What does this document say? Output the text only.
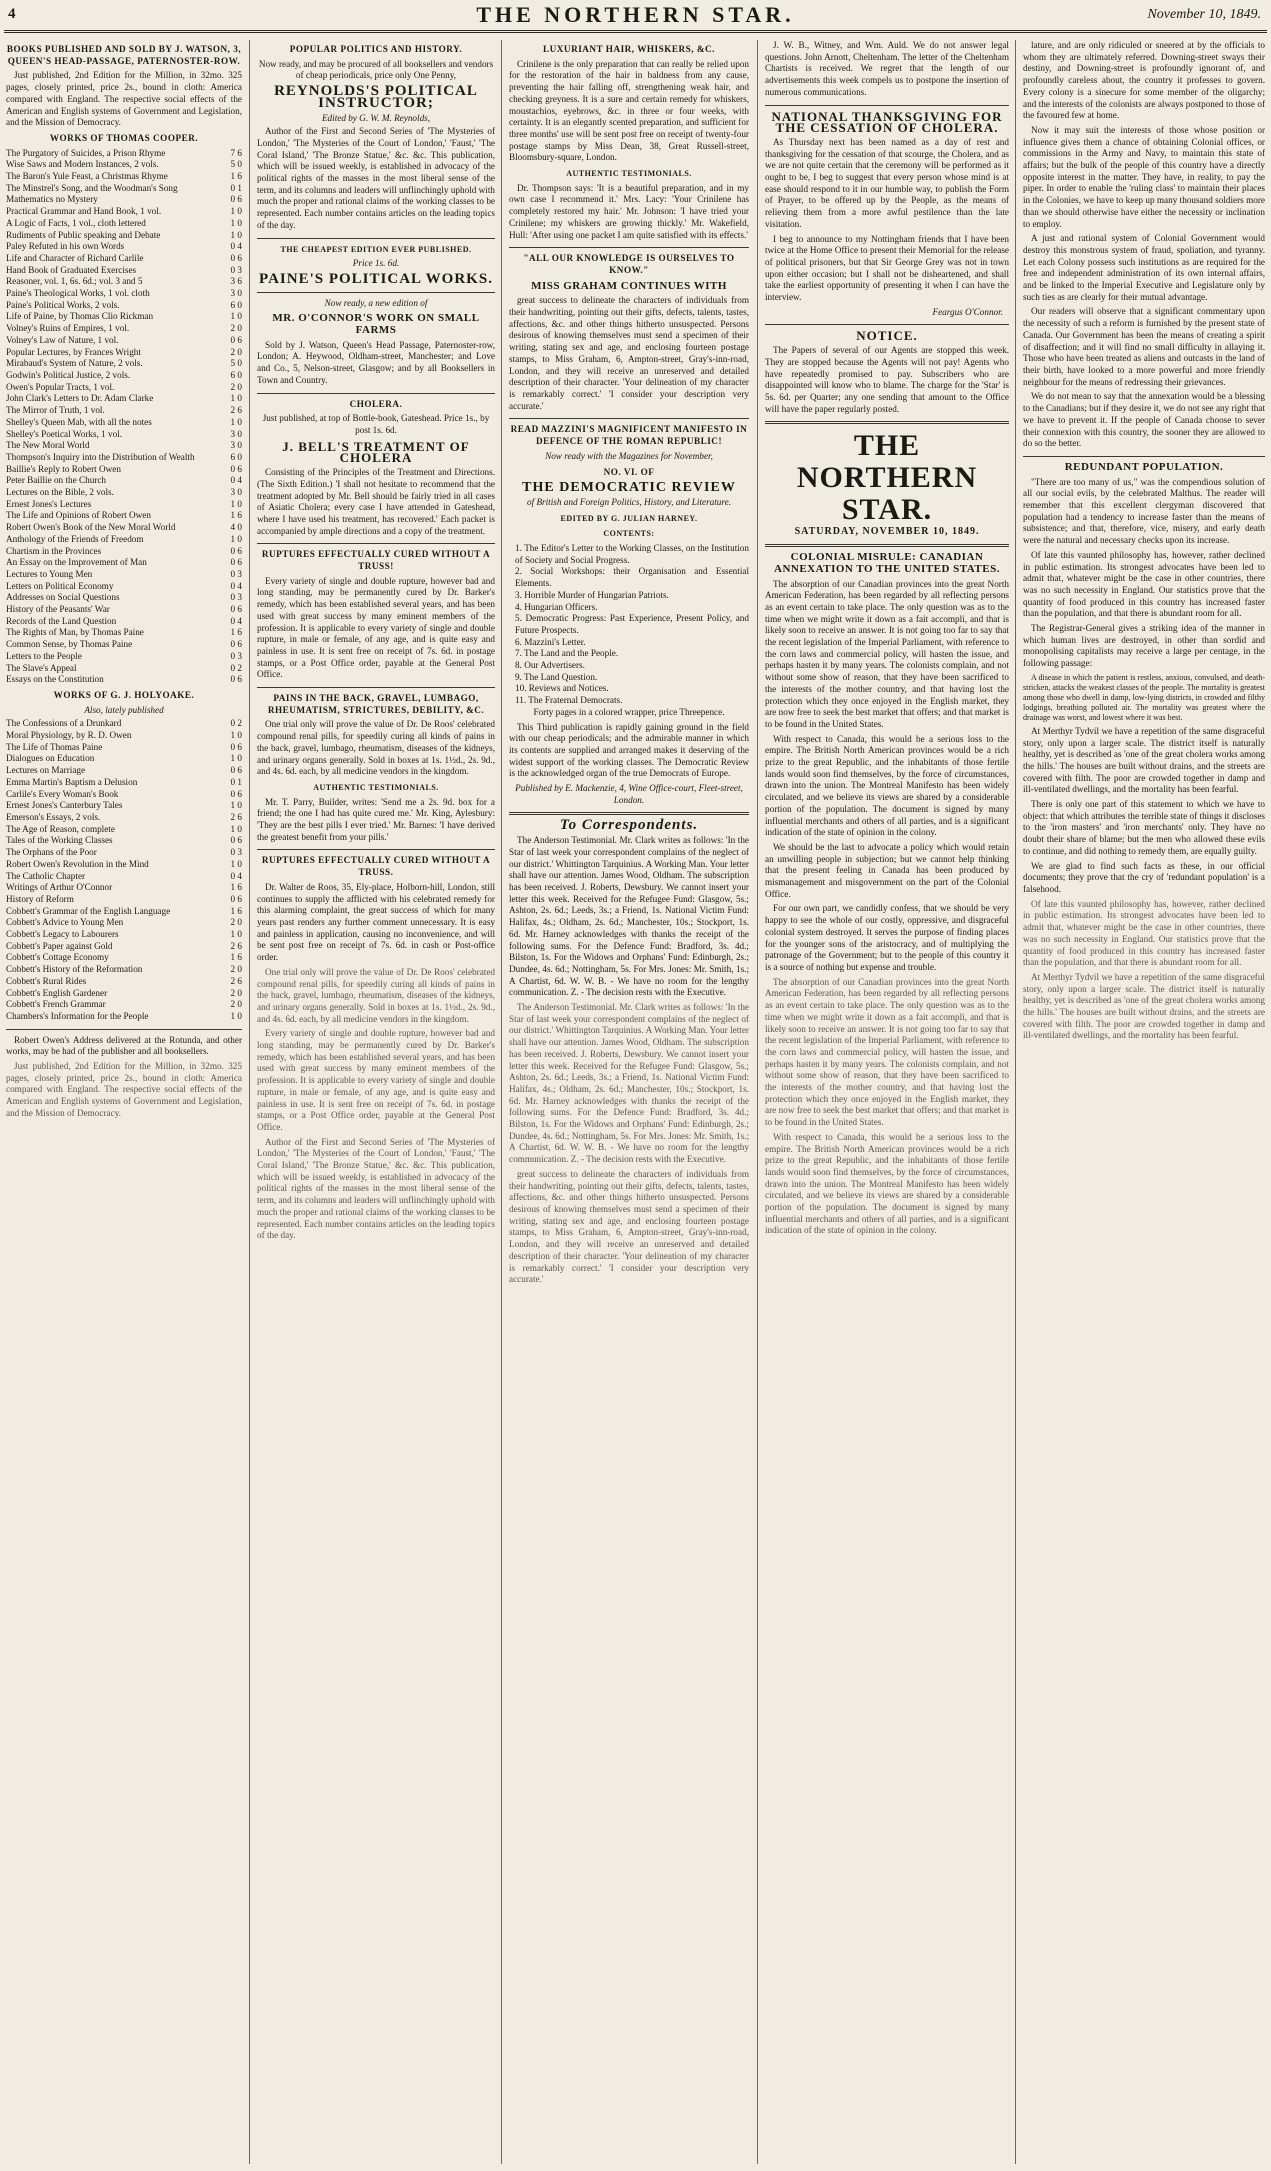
4	THE NORTHERN STAR.	November 10, 1849.
BOOKS PUBLISHED AND SOLD BY J. WATSON, 3, QUEEN'S HEAD-PASSAGE, PATERNOSTER-ROW.

Just published, 2nd Edition for the Million, in 32mo. 325 pages, closely printed, price 2s., bound in cloth: America compared with England. The respective social effects of the American and English systems of Government and Legislation, and the Mission of Democracy.

WORKS OF THOMAS COOPER.
The Purgatory of Suicides, a Prison Rhyme	7 6
Wise Saws and Modern Instances, 2 vols.	5 0
The Baron's Yule Feast, a Christmas Rhyme	1 6
The Minstrel's Song, and the Woodman's Song	0 1
Mathematics no Mystery	0 6
Practical Grammar and Hand Book, 1 vol.	1 0
A Logic of Facts, 1 vol., cloth lettered	1 0
Rudiments of Public speaking and Debate	1 0
Paley Refuted in his own Words	0 4
Life and Character of Richard Carlile	0 6
Hand Book of Graduated Exercises	0 3
Reasoner, vol. 1, 6s. 6d.; vol. 3 and 5	3 6
Paine's Theological Works, 1 vol. cloth	3 0
Paine's Political Works, 2 vols.	6 0
Life of Paine, by Thomas Clio Rickman	1 0
Volney's Ruins of Empires, 1 vol.	2 0
Volney's Law of Nature, 1 vol.	0 6
Popular Lectures, by Frances Wright	2 0
Mirabaud's System of Nature, 2 vols.	5 0
Godwin's Political Justice, 2 vols.	6 0
Owen's Popular Tracts, 1 vol.	2 0
John Clark's Letters to Dr. Adam Clarke	1 0
The Mirror of Truth, 1 vol.	2 6
Shelley's Queen Mab, with all the notes	1 0
Shelley's Poetical Works, 1 vol.	3 0
The New Moral World	3 0
Thompson's Inquiry into the Distribution of Wealth	6 0
Baillie's Reply to Robert Owen	0 6
Peter Baillie on the Church	0 4
Lectures on the Bible, 2 vols.	3 0
Ernest Jones's Lectures	1 0
The Life and Opinions of Robert Owen	1 6
Robert Owen's Book of the New Moral World	4 0
Anthology of the Friends of Freedom	1 0
Chartism in the Provinces	0 6
An Essay on the Improvement of Man	0 6
Lectures to Young Men	0 3
Letters on Political Economy	0 4
Addresses on Social Questions	0 3
History of the Peasants' War	0 6
Records of the Land Question	0 4
The Rights of Man, by Thomas Paine	1 6
Common Sense, by Thomas Paine	0 6
Letters to the People	0 3
The Slave's Appeal	0 2
Essays on the Constitution	0 6
WORKS OF G. J. HOLYOAKE.
Also, lately published
The Confessions of a Drunkard	0 2
Moral Physiology, by R. D. Owen	1 0
The Life of Thomas Paine	0 6
Dialogues on Education	1 0
Lectures on Marriage	0 6
Emma Martin's Baptism a Delusion	0 1
Carlile's Every Woman's Book	0 6
Ernest Jones's Canterbury Tales	1 0
Emerson's Essays, 2 vols.	2 6
The Age of Reason, complete	1 0
Tales of the Working Classes	0 6
The Orphans of the Poor	0 3
Robert Owen's Revolution in the Mind	1 0
The Catholic Chapter	0 4
Writings of Arthur O'Connor	1 6
History of Reform	0 6
Cobbett's Grammar of the English Language	1 6
Cobbett's Advice to Young Men	2 0
Cobbett's Legacy to Labourers	1 0
Cobbett's Paper against Gold	2 6
Cobbett's Cottage Economy	1 6
Cobbett's History of the Reformation	2 0
Cobbett's Rural Rides	2 6
Cobbett's English Gardener	2 0
Cobbett's French Grammar	2 0
Chambers's Information for the People	1 0

Robert Owen's Address delivered at the Rotunda, and other works, may be had of the publisher and all booksellers.

Just published, 2nd Edition for the Million, in 32mo. 325 pages, closely printed, price 2s., bound in cloth: America compared with England. The respective social effects of the American and English systems of Government and Legislation, and the Mission of Democracy.

POPULAR POLITICS AND HISTORY.

Now ready, and may be procured of all booksellers and vendors of cheap periodicals, price only One Penny,

REYNOLDS'S POLITICAL INSTRUCTOR;
Edited by G. W. M. Reynolds,

Author of the First and Second Series of 'The Mysteries of London,' 'The Mysteries of the Court of London,' 'Faust,' 'The Coral Island,' 'The Bronze Statue,' &c. &c. This publication, which will be issued weekly, is established in advocacy of the political rights of the masses in the most liberal sense of the term, and its columns and leaders will unflinchingly uphold with much the proper and rational claims of the working classes to be represented. Each number contains articles on the leading topics of the day.

THE CHEAPEST EDITION EVER PUBLISHED.
Price 1s. 6d.
PAINE'S POLITICAL WORKS.
Now ready, a new edition of
MR. O'CONNOR'S WORK ON SMALL FARMS

Sold by J. Watson, Queen's Head Passage, Paternoster-row, London; A. Heywood, Oldham-street, Manchester; and Love and Co., 5, Nelson-street, Glasgow; and by all Booksellers in Town and Country.

CHOLERA.

Just published, at top of Bottle-book, Gateshead. Price 1s., by post 1s. 6d.

J. BELL'S TREATMENT OF CHOLERA

Consisting of the Principles of the Treatment and Directions. (The Sixth Edition.) 'I shall not hesitate to recommend that the treatment adopted by Mr. Bell should be fairly tried in all cases of Asiatic Cholera; every case I have attended in Gateshead, where I have used his treatment, has recovered.' Each packet is accompanied by ample directions and a copy of the treatment.

RUPTURES EFFECTUALLY CURED WITHOUT A TRUSS!

Every variety of single and double rupture, however bad and long standing, may be permanently cured by Dr. Barker's remedy, which has been established several years, and has been used with great success by many eminent members of the profession. It is applicable to every variety of single and double rupture, in male or female, of any age, and is quite easy and painless in use. It is sent free on receipt of 7s. 6d. in postage stamps, or a Post Office order, payable at the General Post Office.

PAINS IN THE BACK, GRAVEL, LUMBAGO, RHEUMATISM, STRICTURES, DEBILITY, &C.

One trial only will prove the value of Dr. De Roos' celebrated compound renal pills, for speedily curing all kinds of pains in the back, gravel, lumbago, rheumatism, diseases of the kidneys, and urinary organs generally. Sold in boxes at 1s. 1½d., 2s. 9d., and 4s. 6d. each, by all medicine vendors in the kingdom.

AUTHENTIC TESTIMONIALS.

Mr. T. Parry, Builder, writes: 'Send me a 2s. 9d. box for a friend; the one I had has quite cured me.' Mr. King, Aylesbury: 'They are the best pills I ever tried.' Mr. Barnes: 'I have derived the greatest benefit from your pills.'

RUPTURES EFFECTUALLY CURED WITHOUT A TRUSS.

Dr. Walter de Roos, 35, Ely-place, Holborn-hill, London, still continues to supply the afflicted with his celebrated remedy for this alarming complaint, the great success of which for many years past renders any further comment unnecessary. It is easy and painless in application, causing no inconvenience, and will be sent post free on receipt of 7s. 6d. in cash or Post-office order.

One trial only will prove the value of Dr. De Roos' celebrated compound renal pills, for speedily curing all kinds of pains in the back, gravel, lumbago, rheumatism, diseases of the kidneys, and urinary organs generally. Sold in boxes at 1s. 1½d., 2s. 9d., and 4s. 6d. each, by all medicine vendors in the kingdom.

Every variety of single and double rupture, however bad and long standing, may be permanently cured by Dr. Barker's remedy, which has been established several years, and has been used with great success by many eminent members of the profession. It is applicable to every variety of single and double rupture, in male or female, of any age, and is quite easy and painless in use. It is sent free on receipt of 7s. 6d. in postage stamps, or a Post Office order, payable at the General Post Office.

Author of the First and Second Series of 'The Mysteries of London,' 'The Mysteries of the Court of London,' 'Faust,' 'The Coral Island,' 'The Bronze Statue,' &c. &c. This publication, which will be issued weekly, is established in advocacy of the political rights of the masses in the most liberal sense of the term, and its columns and leaders will unflinchingly uphold with much the proper and rational claims of the working classes to be represented. Each number contains articles on the leading topics of the day.

LUXURIANT HAIR, WHISKERS, &C.

Crinilene is the only preparation that can really be relied upon for the restoration of the hair in baldness from any cause, preventing the hair falling off, strengthening weak hair, and checking greyness. It is a sure and certain remedy for whiskers, moustachios, eyebrows, &c. in three or four weeks, with certainty. It is an elegantly scented preparation, and sufficient for three months' use will be sent post free on receipt of twenty-four postage stamps by Miss Dean, 38, Great Russell-street, Bloomsbury-square, London.

AUTHENTIC TESTIMONIALS.

Dr. Thompson says: 'It is a beautiful preparation, and in my own case I recommend it.' Mrs. Lacy: 'Your Crinilene has completely restored my hair.' Mr. Johnson: 'I have tried your Crinilene; my whiskers are growing thickly.' Mr. Wakefield, Hull: 'After using one packet I am quite satisfied with its effects.'

"ALL OUR KNOWLEDGE IS OURSELVES TO KNOW."
MISS GRAHAM CONTINUES WITH

great success to delineate the characters of individuals from their handwriting, pointing out their gifts, defects, talents, tastes, affections, &c. and other things hitherto unsuspected. Persons desirous of knowing themselves must send a specimen of their writing, stating sex and age, and enclosing fourteen postage stamps, to Miss Graham, 6, Ampton-street, Gray's-inn-road, London, and they will receive an unreserved and detailed description of their character. 'Your delineation of my character is remarkably correct.' 'I consider your description very accurate.'

READ MAZZINI'S MAGNIFICENT MANIFESTO IN DEFENCE OF THE ROMAN REPUBLIC!
Now ready with the Magazines for November,
NO. VI. OF
THE DEMOCRATIC REVIEW
of British and Foreign Politics, History, and Literature.
EDITED BY G. JULIAN HARNEY.
CONTENTS:
1. The Editor's Letter to the Working Classes, on the Institution of Society and Social Progress.
2. Social Workshops: their Organisation and Essential Elements.
3. Horrible Murder of Hungarian Patriots.
4. Hungarian Officers.
5. Democratic Progress: Past Experience, Present Policy, and Future Prospects.
6. Mazzini's Letter.
7. The Land and the People.
8. Our Advertisers.
9. The Land Question.
10. Reviews and Notices.
11. The Fraternal Democrats.

Forty pages in a colored wrapper, price Threepence.

This Third publication is rapidly gaining ground in the field with our cheap periodicals; and the admirable manner in which its contents are supplied and arranged makes it deserving of the widest support of the working classes. The Democratic Review is the acknowledged organ of the true Democrats of Europe.

Published by E. Mackenzie, 4, Wine Office-court, Fleet-street, London.

To Correspondents.

The Anderson Testimonial. Mr. Clark writes as follows: 'In the Star of last week your correspondent complains of the neglect of our district.' Whittington Tarquinius. A Working Man. Your letter shall have our attention. James Wood, Oldham. The subscription has been received. J. Roberts, Dewsbury. We cannot insert your letter this week. Received for the Refugee Fund: Glasgow, 5s.; Ashton, 2s. 6d.; Leeds, 3s.; a Friend, 1s. National Victim Fund: Halifax, 4s.; Oldham, 2s. 6d.; Manchester, 10s.; Stockport, 1s. 6d. Mr. Harney acknowledges with thanks the receipt of the following sums. For the Defence Fund: Bradford, 3s. 4d.; Bilston, 1s. For the Widows and Orphans' Fund: Edinburgh, 2s.; Dundee, 4s. 6d.; Nottingham, 5s. For Mrs. Jones: Mr. Smith, 1s.; A Chartist, 6d. W. W. B. - We have no room for the lengthy communication. Z. - The decision rests with the Executive.

The Anderson Testimonial. Mr. Clark writes as follows: 'In the Star of last week your correspondent complains of the neglect of our district.' Whittington Tarquinius. A Working Man. Your letter shall have our attention. James Wood, Oldham. The subscription has been received. J. Roberts, Dewsbury. We cannot insert your letter this week. Received for the Refugee Fund: Glasgow, 5s.; Ashton, 2s. 6d.; Leeds, 3s.; a Friend, 1s. National Victim Fund: Halifax, 4s.; Oldham, 2s. 6d.; Manchester, 10s.; Stockport, 1s. 6d. Mr. Harney acknowledges with thanks the receipt of the following sums. For the Defence Fund: Bradford, 3s. 4d.; Bilston, 1s. For the Widows and Orphans' Fund: Edinburgh, 2s.; Dundee, 4s. 6d.; Nottingham, 5s. For Mrs. Jones: Mr. Smith, 1s.; A Chartist, 6d. W. W. B. - We have no room for the lengthy communication. Z. - The decision rests with the Executive.

great success to delineate the characters of individuals from their handwriting, pointing out their gifts, defects, talents, tastes, affections, &c. and other things hitherto unsuspected. Persons desirous of knowing themselves must send a specimen of their writing, stating sex and age, and enclosing fourteen postage stamps, to Miss Graham, 6, Ampton-street, Gray's-inn-road, London, and they will receive an unreserved and detailed description of their character. 'Your delineation of my character is remarkably correct.' 'I consider your description very accurate.'

J. W. B., Witney, and Wm. Auld. We do not answer legal questions. John Arnott, Cheltenham. The letter of the Cheltenham Chartists is received. We regret that the length of our advertisements this week compels us to postpone the insertion of numerous communications.

NATIONAL THANKSGIVING FOR THE CESSATION OF CHOLERA.

As Thursday next has been named as a day of rest and thanksgiving for the cessation of that scourge, the Cholera, and as we are not quite certain that the ceremony will be performed as it ought to be, I beg to suggest that every person whose mind is at ease should respond to it in our humble way, to publish the Form of Prayer, to be offered up by the People, as the means of relieving them from a more awful pestilence than the late visitation.

I beg to announce to my Nottingham friends that I have been twice at the Home Office to present their Memorial for the release of political prisoners, but that Sir George Grey was not in town upon either occasion; but I shall not be disheartened, and shall take the earliest opportunity of presenting it when I can have the interview.

Feargus O'Connor.
NOTICE.

The Papers of several of our Agents are stopped this week. They are stopped because the Agents will not pay! Agents who have repeatedly promised to pay. Subscribers who are disappointed will know who to blame. The charge for the 'Star' is 5s. 6d. per Quarter; any one sending that amount to the Office will have the paper regularly posted.

THE NORTHERN STAR.
SATURDAY, NOVEMBER 10, 1849.
COLONIAL MISRULE: CANADIAN ANNEXATION TO THE UNITED STATES.

The absorption of our Canadian provinces into the great North American Federation, has been regarded by all reflecting persons as an event certain to take place. The only question was as to the time when we might write it down as a fait accompli, and that is likely soon to receive an answer. It is not going too far to say that the recent legislation of the Imperial Parliament, with reference to the corn laws and commercial policy, will hasten the issue, and perhaps hasten it by many years. The colonists complain, and not without some show of reason, that they have been sacrificed to the interests of the mother country, and that having lost the protection which they once enjoyed in the English market, they are now free to seek the best market that offers; and that market is to be found in the United States.

With respect to Canada, this would be a serious loss to the empire. The British North American provinces would be a rich prize to the great Republic, and the inhabitants of those fertile lands would soon find themselves, by the force of circumstances, drawn into the union. The Montreal Manifesto has been widely circulated, and we believe its views are shared by a considerable portion of the population. The document is signed by many influential merchants and others of all parties, and is a significant indication of the state of opinion in the colony.

We should be the last to advocate a policy which would retain an unwilling people in subjection; but we cannot help thinking that the present feeling in Canada has been produced by mismanagement and misgovernment on the part of the Colonial Office.

For our own part, we candidly confess, that we should be very happy to see the whole of our costly, oppressive, and disgraceful colonial system destroyed. It serves the purpose of finding places for the younger sons of the aristocracy, and of multiplying the patronage of the Government; but to the people of this country it is a source of nothing but expense and trouble.

The absorption of our Canadian provinces into the great North American Federation, has been regarded by all reflecting persons as an event certain to take place. The only question was as to the time when we might write it down as a fait accompli, and that is likely soon to receive an answer. It is not going too far to say that the recent legislation of the Imperial Parliament, with reference to the corn laws and commercial policy, will hasten the issue, and perhaps hasten it by many years. The colonists complain, and not without some show of reason, that they have been sacrificed to the interests of the mother country, and that having lost the protection which they once enjoyed in the English market, they are now free to seek the best market that offers; and that market is to be found in the United States.

With respect to Canada, this would be a serious loss to the empire. The British North American provinces would be a rich prize to the great Republic, and the inhabitants of those fertile lands would soon find themselves, by the force of circumstances, drawn into the union. The Montreal Manifesto has been widely circulated, and we believe its views are shared by a considerable portion of the population. The document is signed by many influential merchants and others of all parties, and is a significant indication of the state of opinion in the colony.

lature, and are only ridiculed or sneered at by the officials to whom they are ultimately referred. Downing-street sways their destiny, and Downing-street is profoundly ignorant of, and profoundly careless about, the country it professes to govern. Every colony is a sinecure for some member of the oligarchy; and the interests of the colonists are always postponed to those of the favoured few at home.

Now it may suit the interests of those whose position or influence gives them a chance of obtaining Colonial offices, or commissions in the Army and Navy, to maintain this state of affairs; but the bulk of the people of this country have a directly opposite interest in the matter. They have, in reality, to pay the piper. In order to enable the 'ruling class' to maintain their places in the Colonies, we have to keep up many thousand soldiers more than we should otherwise have either the necessity or inclination to employ.

A just and rational system of Colonial Government would destroy this monstrous system of fraud, spoliation, and tyranny. Let each Colony possess such institutions as are required for the free and independent administration of its own internal affairs, and be linked to the Imperial Executive and Legislature only by such ties as are clearly for their mutual advantage.

Our readers will observe that a significant commentary upon the necessity of such a reform is furnished by the present state of Canada. Our Government has been the means of creating a spirit of disaffection; and it will find no small difficulty in allaying it. Those who have been treated as aliens and outcasts in the land of their birth, have looked to a more powerful and more friendly neighbour for the means of redressing their grievances.

We do not mean to say that the annexation would be a blessing to the Canadians; but if they desire it, we do not see any right that we have to prevent it. If the people of Canada choose to sever their connexion with this country, the sooner they are allowed to do so the better.

REDUNDANT POPULATION.

"There are too many of us," was the compendious solution of all our social evils, by the celebrated Malthus. The reader will remember that this excellent clergyman discovered that population had a tendency to increase faster than the means of subsistence; and that, therefore, vice, misery, and early death were the natural and necessary checks upon its increase.

Of late this vaunted philosophy has, however, rather declined in public estimation. Its strongest advocates have been led to admit that, whatever might be the case in other countries, there was no such necessity in England. Our statistics prove that the quantity of food produced in this country has increased faster than the population, and that there is abundant room for all.

The Registrar-General gives a striking idea of the manner in which human lives are destroyed, in other than sordid and monopolising capitalists may receive a large per centage, in the following passage:

A disease in which the patient is restless, anxious, convulsed, and death-stricken, attacks the weakest classes of the people. The mortality is greatest among those who dwell in damp, low-lying districts, in crowded and filthy lodgings, breathing polluted air. The mortality was greatest where the drainage was worst, and lowest where it was best.

At Merthyr Tydvil we have a repetition of the same disgraceful story, only upon a larger scale. The district itself is naturally healthy, yet is described as 'one of the great cholera works among the hills.' The houses are built without drains, and the streets are covered with filth. The poor are crowded together in damp and ill-ventilated dwellings, and the mortality has been fearful.

There is only one part of this statement to which we have to object: that which attributes the terrible state of things it discloses to the 'iron masters' and 'iron merchants' only. They have no doubt their share of blame; but the men who allowed these evils to continue, and did nothing to remedy them, are equally guilty.

We are glad to find such facts as these, in our official documents; they prove that the cry of 'redundant population' is a falsehood.

Of late this vaunted philosophy has, however, rather declined in public estimation. Its strongest advocates have been led to admit that, whatever might be the case in other countries, there was no such necessity in England. Our statistics prove that the quantity of food produced in this country has increased faster than the population, and that there is abundant room for all.

At Merthyr Tydvil we have a repetition of the same disgraceful story, only upon a larger scale. The district itself is naturally healthy, yet is described as 'one of the great cholera works among the hills.' The houses are built without drains, and the streets are covered with filth. The poor are crowded together in damp and ill-ventilated dwellings, and the mortality has been fearful.
